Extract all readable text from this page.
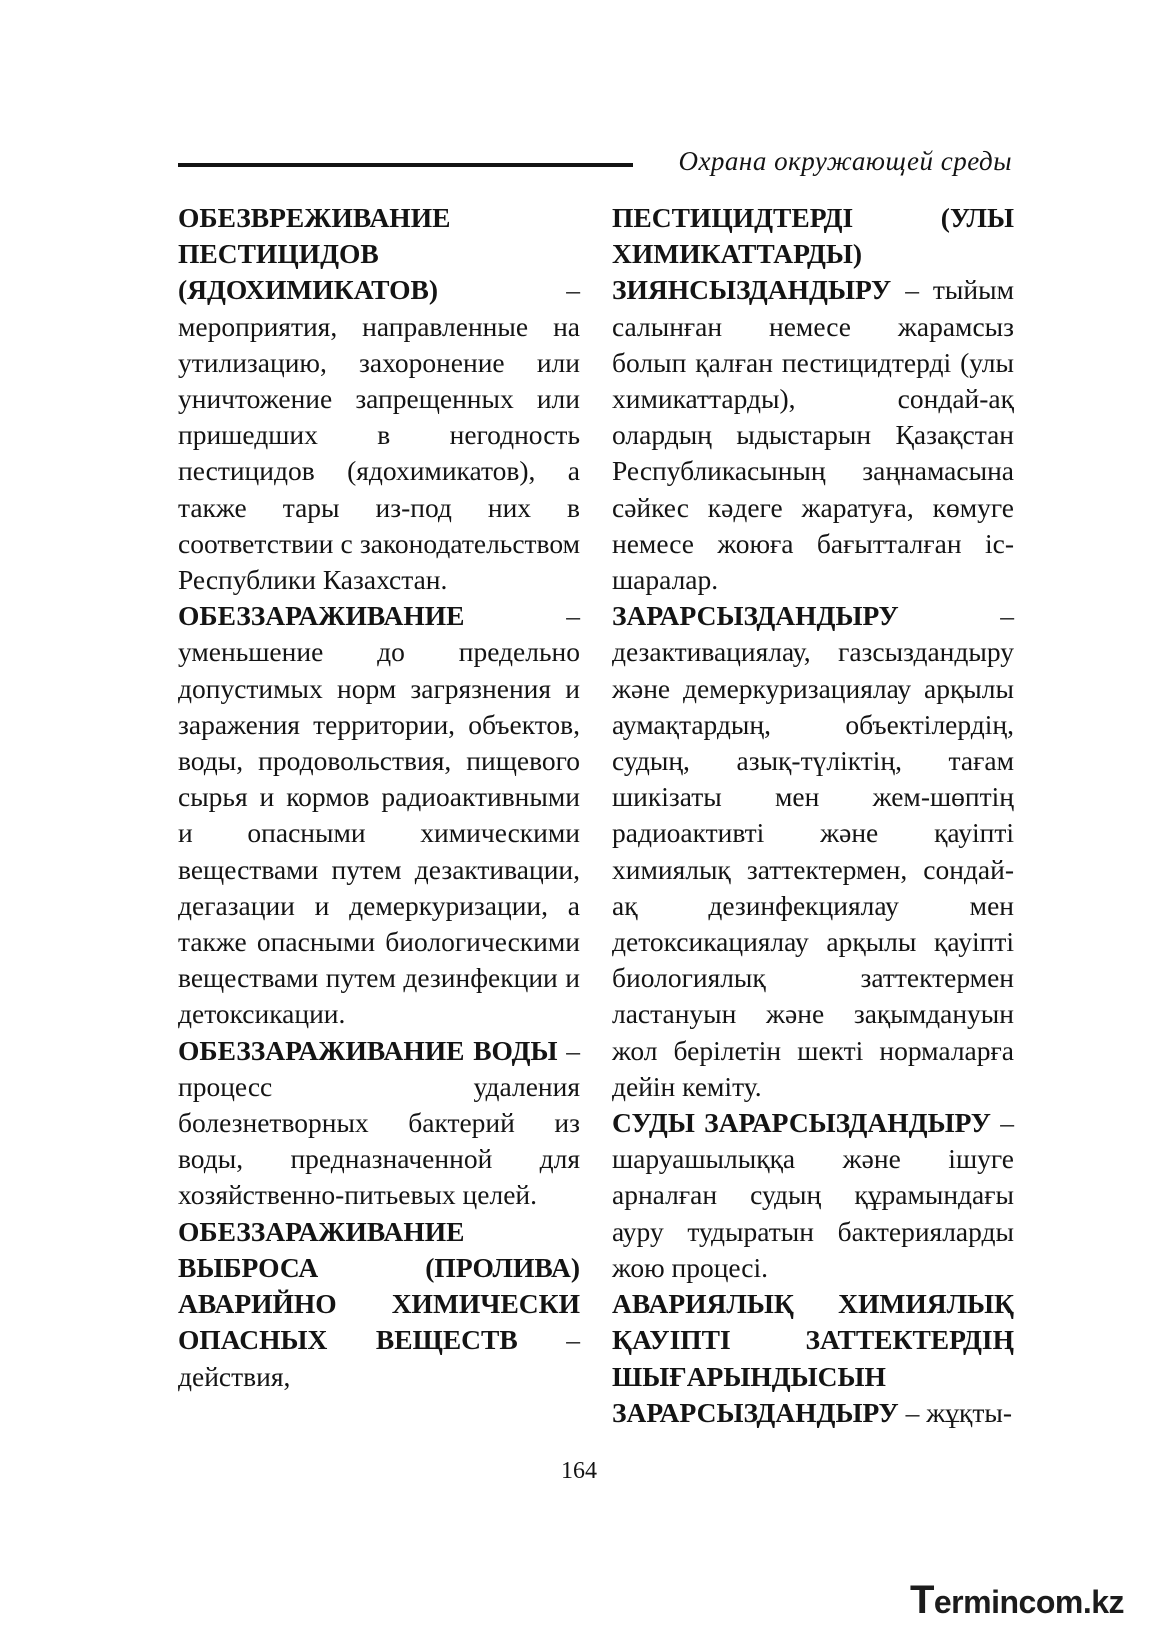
Охрана окружающей среды

ОБЕЗВРЕЖИВАНИЕ ПЕСТИЦИДОВ (ЯДОХИМИКАТОВ) – мероприятия, направленные на утилизацию, захоронение или уничтожение запрещенных или пришедших в негодность пестицидов (ядохимикатов), а также тары из-под них в соответствии с законодательством Республики Казахстан.

ОБЕЗЗАРАЖИВАНИЕ – уменьшение до предельно допустимых норм загрязнения и заражения территории, объектов, воды, продовольствия, пищевого сырья и кормов радиоактивными и опасными химическими веществами путем дезактивации, дегазации и демеркуризации, а также опасными биологическими веществами путем дезинфекции и детоксикации.

ОБЕЗЗАРАЖИВАНИЕ ВОДЫ – процесс удаления болезнетворных бактерий из воды, предназначенной для хозяйственно-питьевых целей.

ОБЕЗЗАРАЖИВАНИЕ ВЫБРОСА (ПРОЛИВА) АВАРИЙНО ХИМИЧЕСКИ ОПАСНЫХ ВЕЩЕСТВ – действия,

ПЕСТИЦИДТЕРДІ (УЛЫ ХИМИКАТТАРДЫ) ЗИЯНСЫЗДАНДЫРУ – тыйым салынған немесе жарамсыз болып қалған пестицидтерді (улы химикаттарды), сондай-ақ олардың ыдыстарын Қазақстан Республикасының заңнамасына сәйкес кәдеге жаратуға, көмуге немесе жоюға бағытталған іс-шаралар.

ЗАРАРСЫЗДАНДЫРУ – дезактивациялау, газсыздандыру және демеркуризациялау арқылы аумақтардың, объектілердің, судың, азық-түліктің, тағам шикізаты мен жем-шөптің радиоактивті және қауіпті химиялық заттектермен, сондай-ақ дезинфекциялау мен детоксикациялау арқылы қауіпті биологиялық заттектермен ластануын және зақымдануын жол берілетін шекті нормаларға дейін кеміту.

СУДЫ ЗАРАРСЫЗДАНДЫРУ – шаруашылыққа және ішуге арналған судың құрамындағы ауру тудыратын бактерияларды жою процесі.

АВАРИЯЛЫҚ ХИМИЯЛЫҚ ҚАУІПТІ ЗАТТЕКТЕРДІҢ ШЫҒАРЫНДЫСЫН ЗАРАРСЫЗДАНДЫРУ – жұқты-

164
Termincom.kz
